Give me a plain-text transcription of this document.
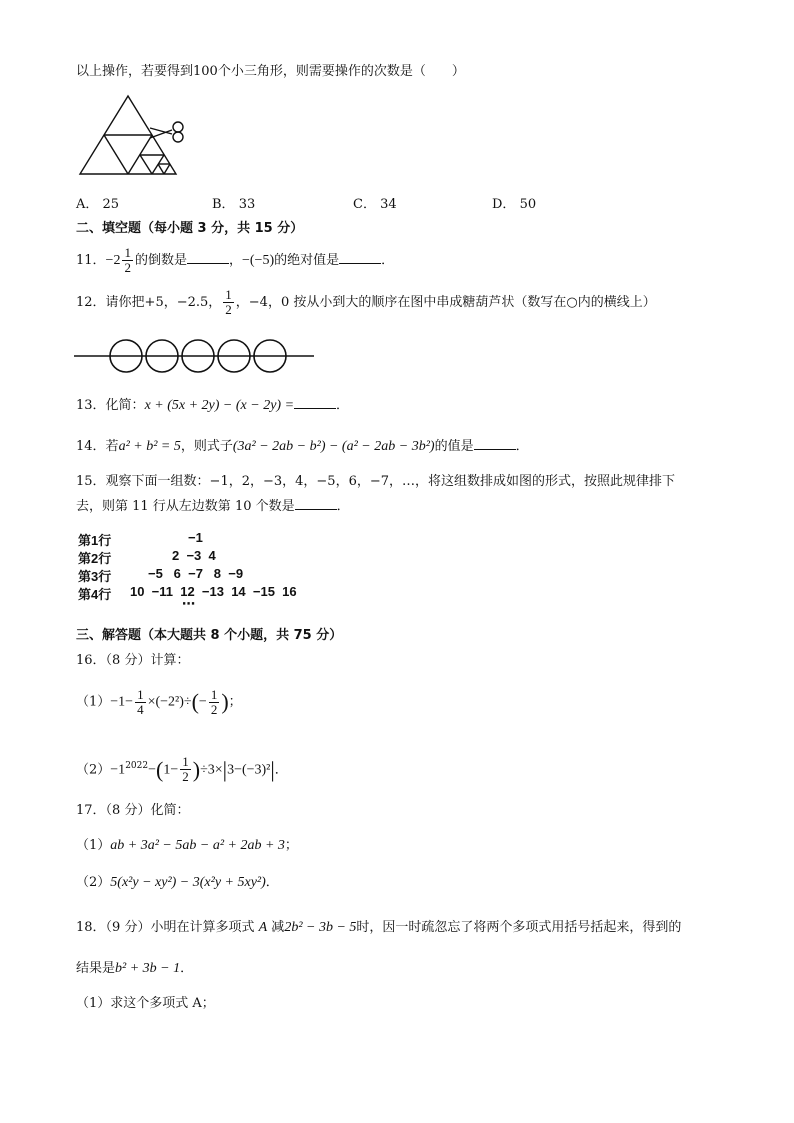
以上操作，若要得到100个小三角形，则需要操作的次数是（　　）
A． 25	B． 33	C． 34	D． 50
二、填空题（每小题 3 分，共 15 分）
11．$-2 \frac{1}{2}$ 的倒数是	，−(−5)的绝对值是	．
12．请你把+5，−2.5， $\frac{1}{2}$ ，−4，0 按从小到大的顺序在图中串成糖葫芦状（数写在○内的横线上）
13．化简：x + (5x + 2y) − (x − 2y) =	．
14．若a² + b² = 5，则式子(3a² − 2ab − b²) − (a² − 2ab − 3b²)的值是	．
15．观察下面一组数：−1，2，−3，4，−5，6，−7，…，将这组数排成如图的形式，按照此规律排下
去，则第 11 行从左边数第 10 个数是	．
第1行	−1
第2行	2  −3  4
第3行	−5   6  −7   8  −9
第4行 10  −11  12  −13  14  −15  16
⋯
三、解答题（本大题共 8 个小题，共 75 分）
16．（8 分）计算：
$(1)-1- \frac{1}{4} \times(-2^2)\div(- \frac{1}{2}$ )；
$(2)-1^{2022}-(1- \frac{1}{2} )\div 3\times|3-(-3)^2|$．
17．（8 分）化简：
（1）ab + 3a² − 5ab − a² + 2ab + 3；
（2）5(x²y − xy²) − 3(x²y + 5xy²)．
18．（9 分）小明在计算多项式 A 减2b² − 3b − 5时，因一时疏忽忘了将两个多项式用括号括起来，得到的
结果是b² + 3b − 1．
（1）求这个多项式 A；
